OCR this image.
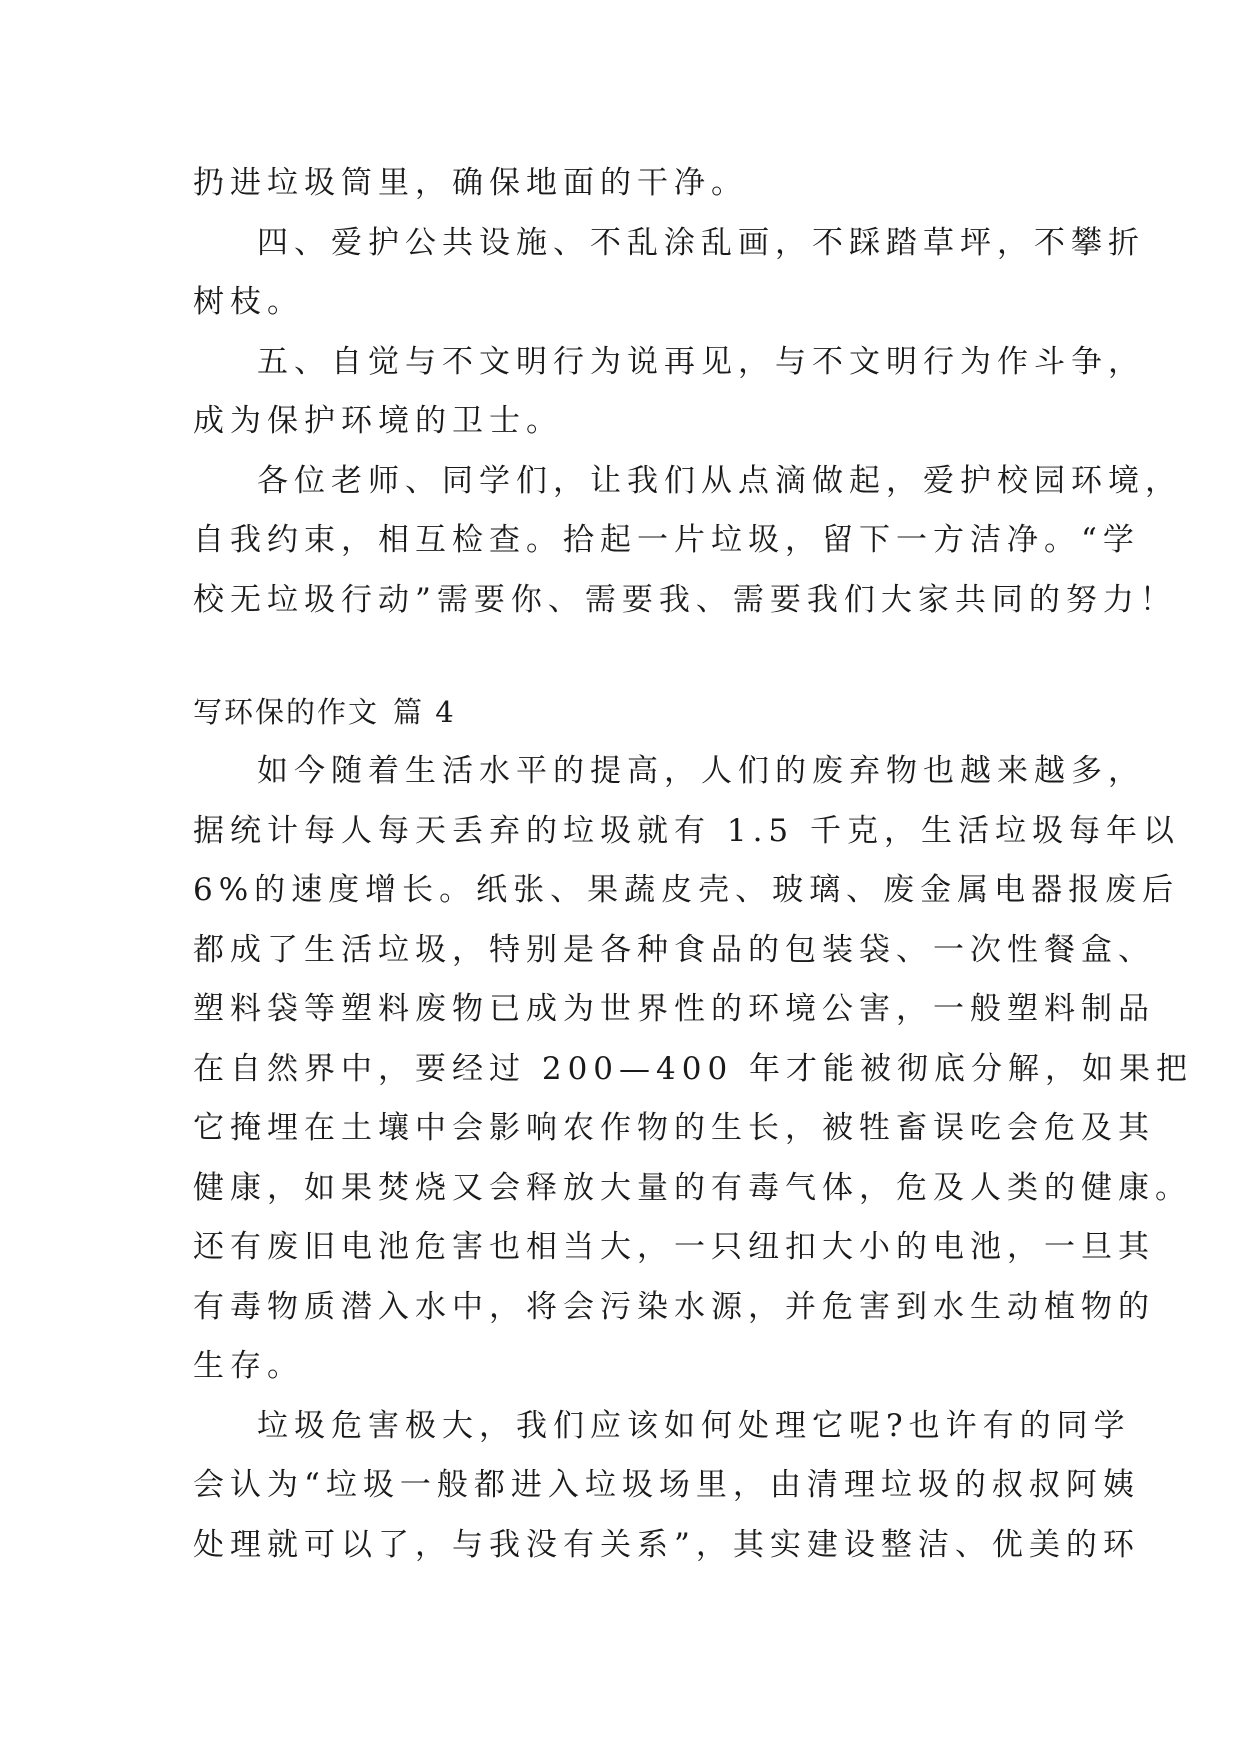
扔进垃圾筒里，确保地面的干净。
四、爱护公共设施、不乱涂乱画，不踩踏草坪，不攀折
树枝。
五、自觉与不文明行为说再见，与不文明行为作斗争，
成为保护环境的卫士。
各位老师、同学们，让我们从点滴做起，爱护校园环境，
自我约束，相互检查。拾起一片垃圾，留下一方洁净。“学
校无垃圾行动”需要你、需要我、需要我们大家共同的努力！
写环保的作文 篇 4
如今随着生活水平的提高，人们的废弃物也越来越多，
据统计每人每天丢弃的垃圾就有 1.5 千克，生活垃圾每年以
6%的速度增长。纸张、果蔬皮壳、玻璃、废金属电器报废后
都成了生活垃圾，特别是各种食品的包装袋、一次性餐盒、
塑料袋等塑料废物已成为世界性的环境公害，一般塑料制品
在自然界中，要经过 200—400 年才能被彻底分解，如果把
它掩埋在土壤中会影响农作物的生长，被牲畜误吃会危及其
健康，如果焚烧又会释放大量的有毒气体，危及人类的健康。
还有废旧电池危害也相当大，一只纽扣大小的电池，一旦其
有毒物质潜入水中，将会污染水源，并危害到水生动植物的
生存。
垃圾危害极大，我们应该如何处理它呢?也许有的同学
会认为“垃圾一般都进入垃圾场里，由清理垃圾的叔叔阿姨
处理就可以了，与我没有关系”，其实建设整洁、优美的环
